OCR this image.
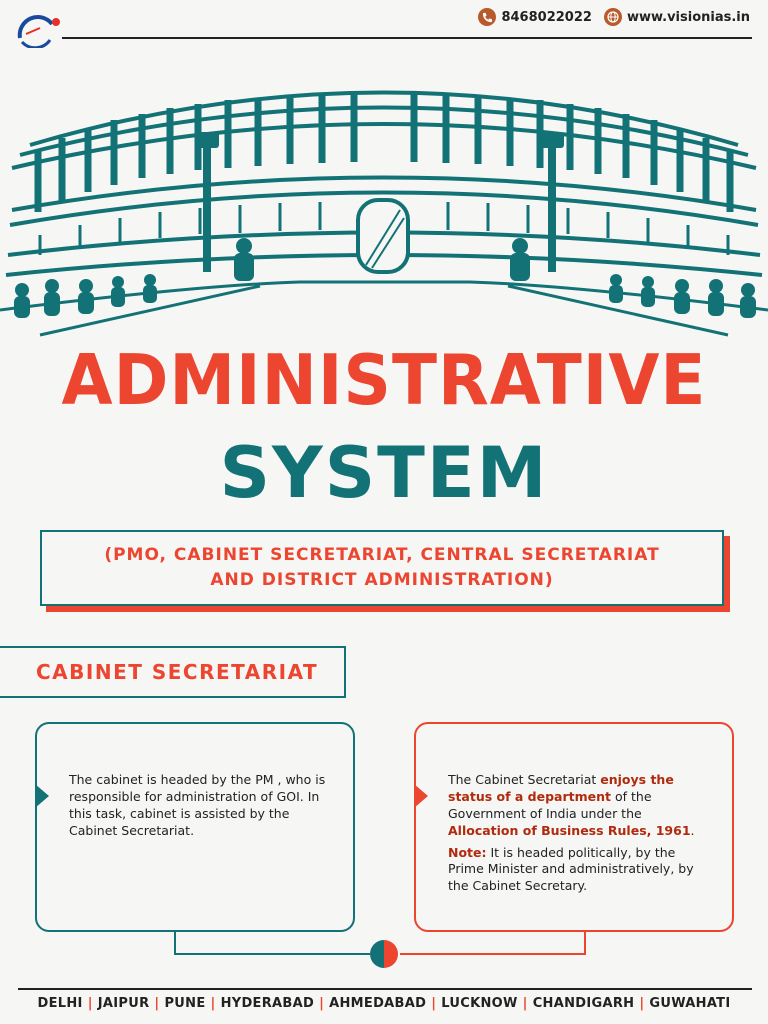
8468022022	www.visionias.in
ADMINISTRATIVE
SYSTEM
(PMO, CABINET SECRETARIAT, CENTRAL SECRETARIAT
AND DISTRICT ADMINISTRATION)
CABINET SECRETARIAT

The cabinet is headed by the PM , who is responsible for administration of GOI. In this task, cabinet is assisted by the Cabinet Secretariat.

The Cabinet Secretariat enjoys the status of a department of the Government of India under the Allocation of Business Rules, 1961.

Note: It is headed politically, by the Prime Minister and administratively, by the Cabinet Secretary.

DELHI | JAIPUR | PUNE | HYDERABAD | AHMEDABAD | LUCKNOW | CHANDIGARH | GUWAHATI
